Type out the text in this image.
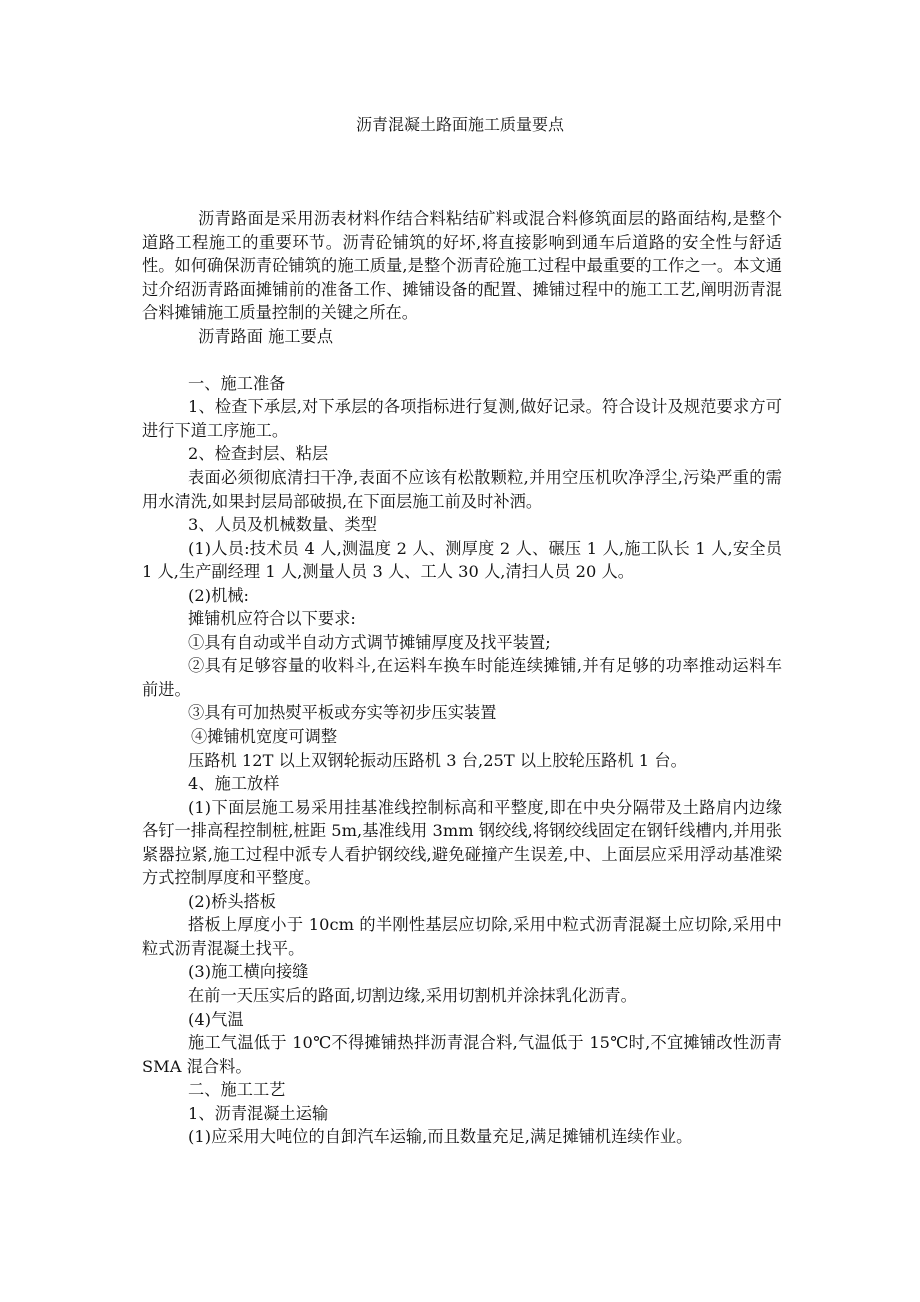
沥青混凝土路面施工质量要点

沥青路面是采用沥表材料作结合料粘结矿料或混合料修筑面层的路面结构,是整个道路工程施工的重要环节。沥青砼铺筑的好坏,将直接影响到通车后道路的安全性与舒适性。如何确保沥青砼铺筑的施工质量,是整个沥青砼施工过程中最重要的工作之一。本文通过介绍沥青路面摊铺前的准备工作、摊铺设备的配置、摊铺过程中的施工工艺,阐明沥青混合料摊铺施工质量控制的关键之所在。

沥青路面 施工要点

一、施工准备

1、检查下承层,对下承层的各项指标进行复测,做好记录。符合设计及规范要求方可进行下道工序施工。

2、检查封层、粘层

表面必须彻底清扫干净,表面不应该有松散颗粒,并用空压机吹净浮尘,污染严重的需用水清洗,如果封层局部破损,在下面层施工前及时补洒。

3、人员及机械数量、类型

(1)人员:技术员 4 人,测温度 2 人、测厚度 2 人、碾压 1 人,施工队长 1 人,安全员 1 人,生产副经理 1 人,测量人员 3 人、工人 30 人,清扫人员 20 人。

(2)机械:

摊铺机应符合以下要求:

①具有自动或半自动方式调节摊铺厚度及找平装置;

②具有足够容量的收料斗,在运料车换车时能连续摊铺,并有足够的功率推动运料车前进。

③具有可加热熨平板或夯实等初步压实装置

④摊铺机宽度可调整

压路机 12T 以上双钢轮振动压路机 3 台,25T 以上胶轮压路机 1 台。

4、施工放样

(1)下面层施工易采用挂基准线控制标高和平整度,即在中央分隔带及土路肩内边缘各钉一排高程控制桩,桩距 5m,基准线用 3mm 钢绞线,将钢绞线固定在钢钎线槽内,并用张紧器拉紧,施工过程中派专人看护钢绞线,避免碰撞产生误差,中、上面层应采用浮动基准梁方式控制厚度和平整度。

(2)桥头搭板

搭板上厚度小于 10cm 的半刚性基层应切除,采用中粒式沥青混凝土应切除,采用中粒式沥青混凝土找平。

(3)施工横向接缝

在前一天压实后的路面,切割边缘,采用切割机并涂抹乳化沥青。

(4)气温

施工气温低于 10℃不得摊铺热拌沥青混合料,气温低于 15℃时,不宜摊铺改性沥青 SMA 混合料。

二、施工工艺

1、沥青混凝土运输

(1)应采用大吨位的自卸汽车运输,而且数量充足,满足摊铺机连续作业。
